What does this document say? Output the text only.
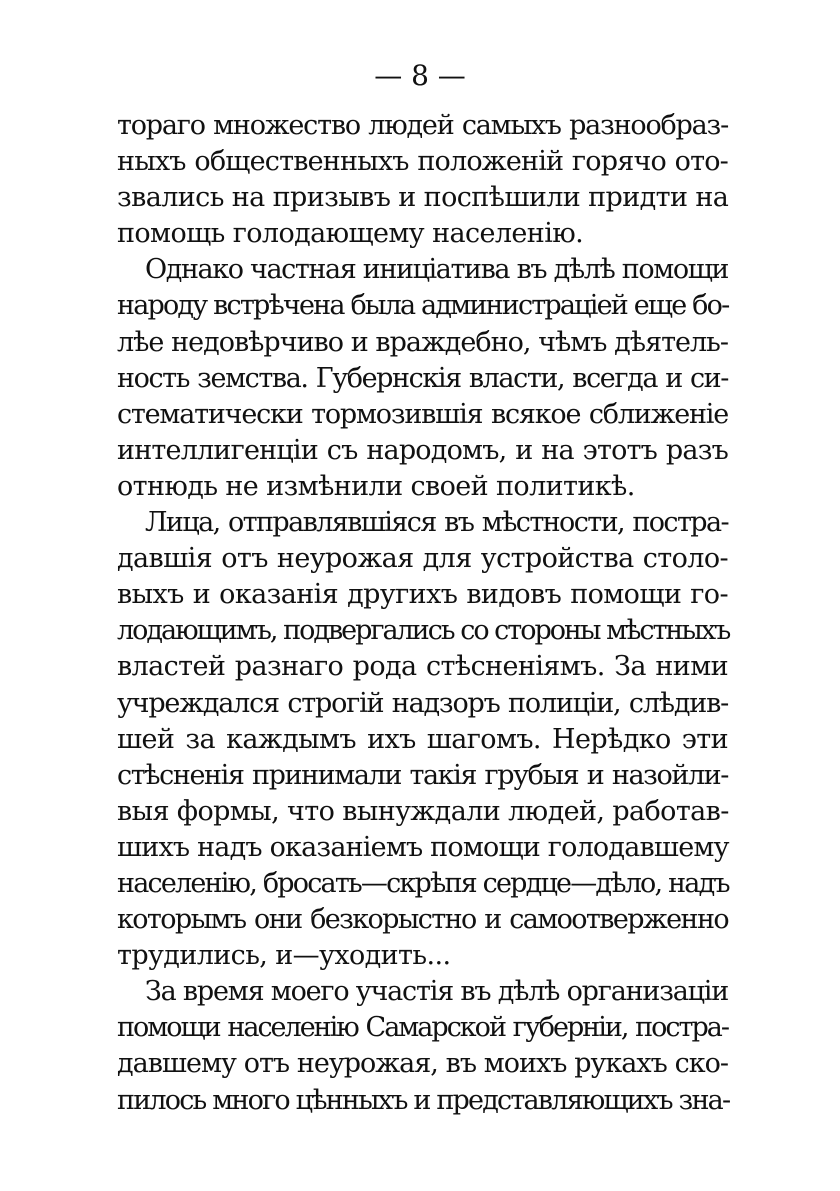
— 8 —
тораго множество людей самыхъ разнообраз-
ныхъ общественныхъ положеній горячо ото-
звались на призывъ и поспѣшили придти на
помощь голодающему населенію.
Однако частная иниціатива въ дѣлѣ помощи
народу встрѣчена была администраціей еще бо-
лѣе недовѣрчиво и враждебно, чѣмъ дѣятель-
ность земства. Губернскія власти, всегда и си-
стематически тормозившія всякое сближеніе
интеллигенціи съ народомъ, и на этотъ разъ
отнюдь не измѣнили своей политикѣ.
Лица, отправлявшіяся въ мѣстности, постра-
давшія отъ неурожая для устройства столо-
выхъ и оказанія другихъ видовъ помощи го-
лодающимъ, подвергались со стороны мѣстныхъ
властей разнаго рода стѣсненіямъ. За ними
учреждался строгій надзоръ полиціи, слѣдив-
шей за каждымъ ихъ шагомъ. Нерѣдко эти
стѣсненія принимали такія грубыя и назойли-
выя формы, что вынуждали людей, работав-
шихъ надъ оказаніемъ помощи голодавшему
населенію, бросать—скрѣпя сердце—дѣло, надъ
которымъ они безкорыстно и самоотверженно
трудились, и—уходить...
За время моего участія въ дѣлѣ организаціи
помощи населенію Самарской губерніи, постра-
давшему отъ неурожая, въ моихъ рукахъ ско-
пилось много цѣнныхъ и представляющихъ зна-
